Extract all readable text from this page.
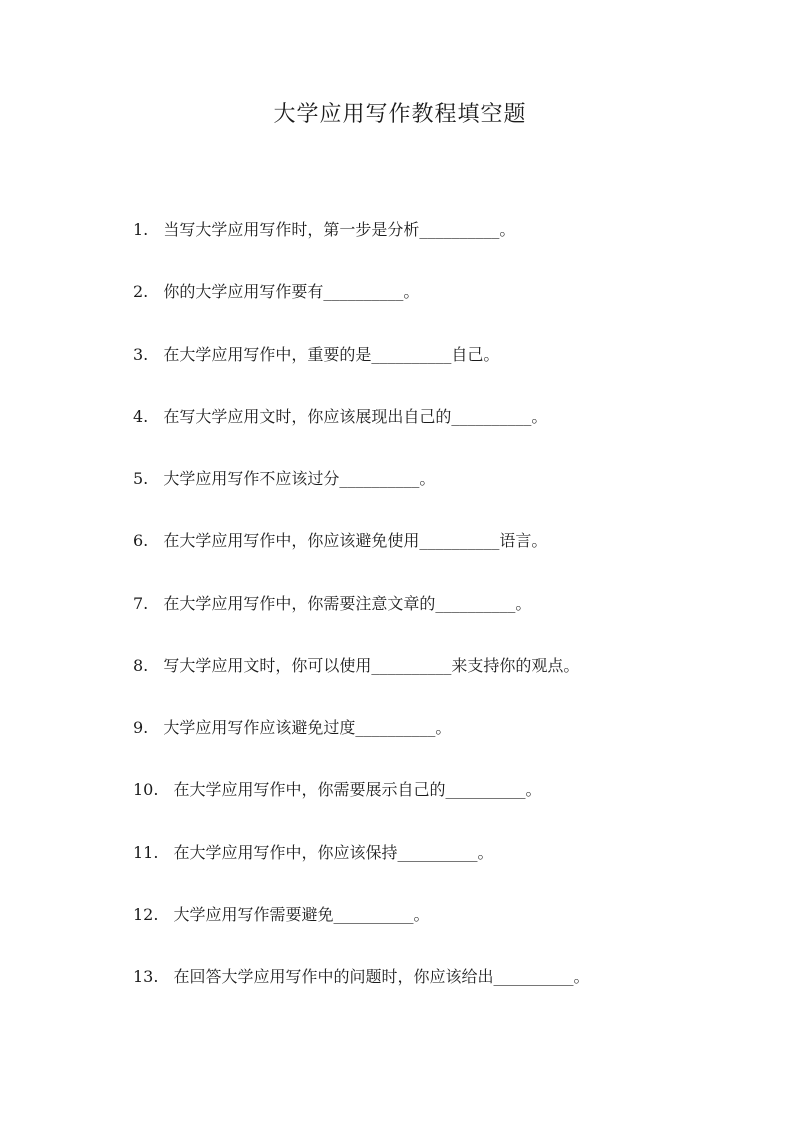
大学应用写作教程填空题
1. 当写大学应用写作时，第一步是分析__________。
2. 你的大学应用写作要有__________。
3. 在大学应用写作中，重要的是__________自己。
4. 在写大学应用文时，你应该展现出自己的__________。
5. 大学应用写作不应该过分__________。
6. 在大学应用写作中，你应该避免使用__________语言。
7. 在大学应用写作中，你需要注意文章的__________。
8. 写大学应用文时，你可以使用__________来支持你的观点。
9. 大学应用写作应该避免过度__________。
10. 在大学应用写作中，你需要展示自己的__________。
11. 在大学应用写作中，你应该保持__________。
12. 大学应用写作需要避免__________。
13. 在回答大学应用写作中的问题时，你应该给出__________。
